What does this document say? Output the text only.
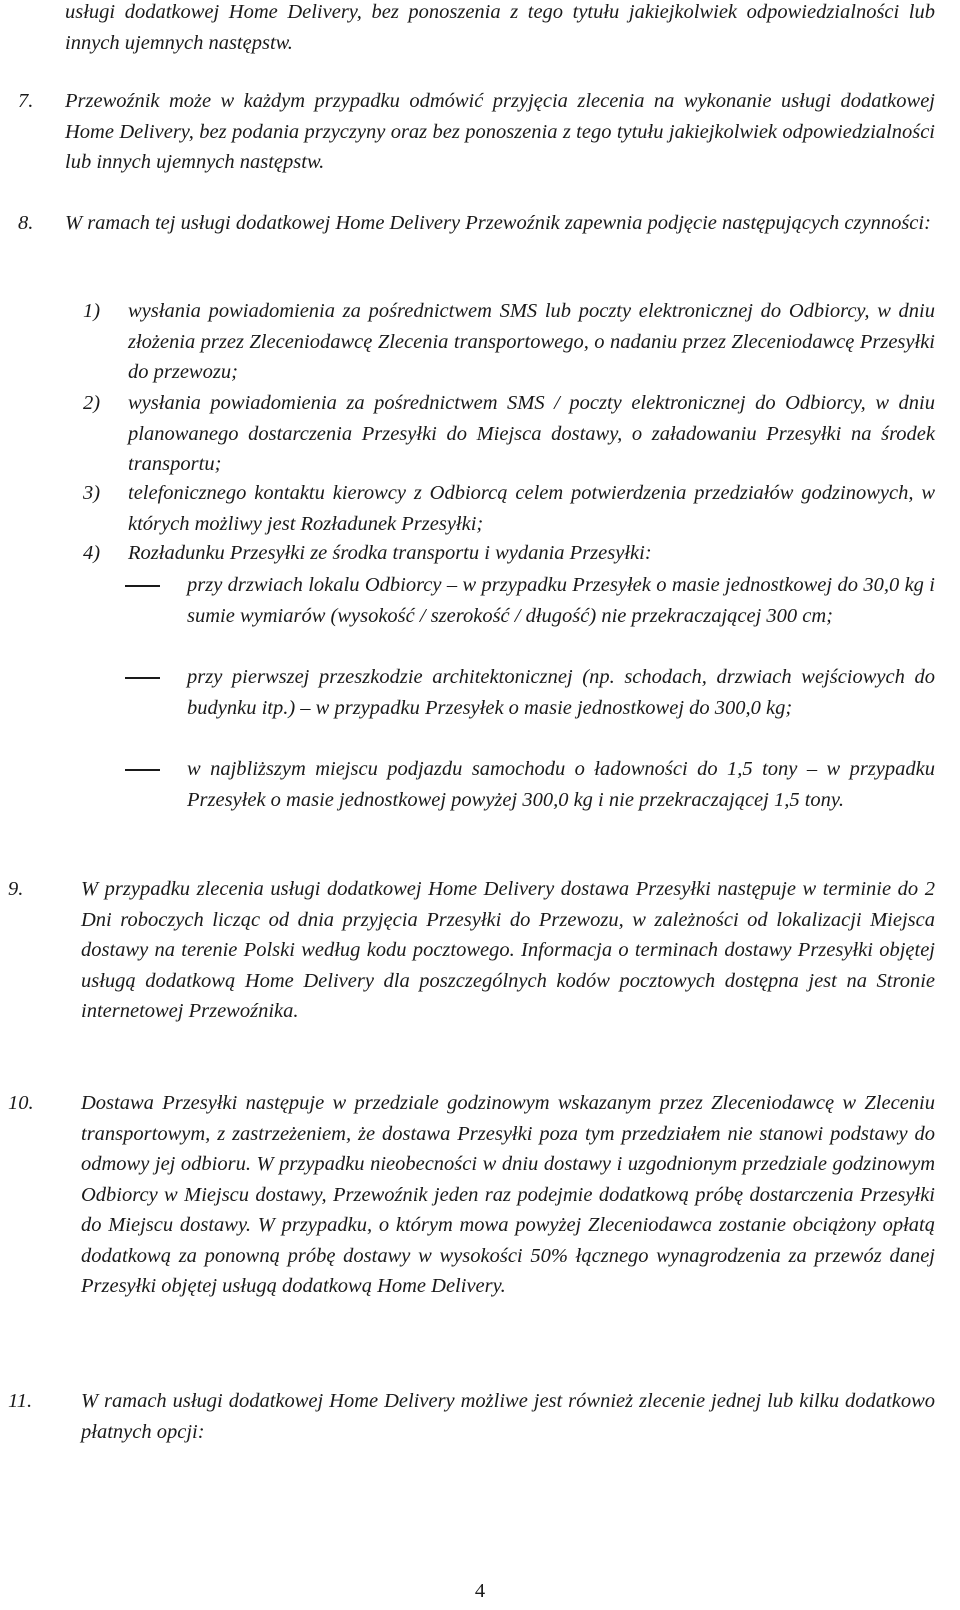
usługi dodatkowej Home Delivery, bez ponoszenia z tego tytułu jakiejkolwiek odpowiedzialności lub innych ujemnych następstw.

7. Przewoźnik może w każdym przypadku odmówić przyjęcia zlecenia na wykonanie usługi dodatkowej Home Delivery, bez podania przyczyny oraz bez ponoszenia z tego tytułu jakiejkolwiek odpowiedzialności lub innych ujemnych następstw.

8. W ramach tej usługi dodatkowej Home Delivery Przewoźnik zapewnia podjęcie następujących czynności:

1) wysłania powiadomienia za pośrednictwem SMS lub poczty elektronicznej do Odbiorcy, w dniu złożenia przez Zleceniodawcę Zlecenia transportowego, o nadaniu przez Zleceniodawcę Przesyłki do przewozu;

2) wysłania powiadomienia za pośrednictwem SMS / poczty elektronicznej do Odbiorcy, w dniu planowanego dostarczenia Przesyłki do Miejsca dostawy, o załadowaniu Przesyłki na środek transportu;

3) telefonicznego kontaktu kierowcy z Odbiorcą celem potwierdzenia przedziałów godzinowych, w których możliwy jest Rozładunek Przesyłki;

4) Rozładunku Przesyłki ze środka transportu i wydania Przesyłki:

przy drzwiach lokalu Odbiorcy – w przypadku Przesyłek o masie jednostkowej do 30,0 kg i sumie wymiarów (wysokość / szerokość / długość) nie przekraczającej 300 cm;

przy pierwszej przeszkodzie architektonicznej (np. schodach, drzwiach wejściowych do budynku itp.) – w przypadku Przesyłek o masie jednostkowej do 300,0 kg;

w najbliższym miejscu podjazdu samochodu o ładowności do 1,5 tony – w przypadku Przesyłek o masie jednostkowej powyżej 300,0 kg i nie przekraczającej 1,5 tony.

9.	W przypadku zlecenia usługi dodatkowej Home Delivery dostawa Przesyłki następuje w terminie do 2 Dni roboczych licząc od dnia przyjęcia Przesyłki do Przewozu, w zależności od lokalizacji Miejsca dostawy na terenie Polski według kodu pocztowego. Informacja o terminach dostawy Przesyłki objętej usługą dodatkową Home Delivery dla poszczególnych kodów pocztowych dostępna jest na Stronie internetowej Przewoźnika.

10. Dostawa Przesyłki następuje w przedziale godzinowym wskazanym przez Zleceniodawcę w Zleceniu transportowym, z zastrzeżeniem, że dostawa Przesyłki poza tym przedziałem nie stanowi podstawy do odmowy jej odbioru. W przypadku nieobecności w dniu dostawy i uzgodnionym przedziale godzinowym Odbiorcy w Miejscu dostawy, Przewoźnik jeden raz podejmie dodatkową próbę dostarczenia Przesyłki do Miejscu dostawy. W przypadku, o którym mowa powyżej Zleceniodawca zostanie obciążony opłatą dodatkową za ponowną próbę dostawy w wysokości 50% łącznego wynagrodzenia za przewóz danej Przesyłki objętej usługą dodatkową Home Delivery.

11. W ramach usługi dodatkowej Home Delivery możliwe jest również zlecenie jednej lub kilku dodatkowo płatnych opcji:

4
